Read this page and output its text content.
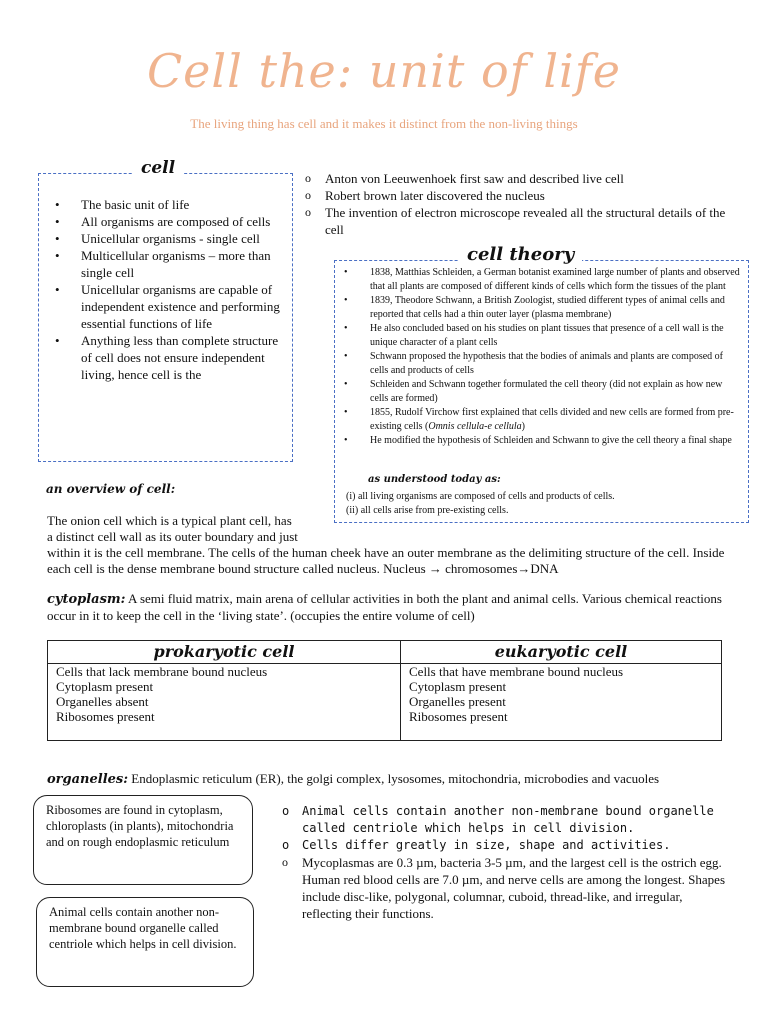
Cell the: unit of life
The living thing has cell and it makes it distinct from the non-living things
cell
• The basic unit of life
• All organisms are composed of cells
• Unicellular organisms - single cell
• Multicellular organisms – more than single cell
• Unicellular organisms are capable of independent existence and performing essential functions of life
• Anything less than complete structure of cell does not ensure independent living, hence cell is the
o Anton von Leeuwenhoek first saw and described live cell
o Robert brown later discovered the nucleus
o The invention of electron microscope revealed all the structural details of the cell
cell theory
• 1838, Matthias Schleiden, a German botanist examined large number of plants and observed that all plants are composed of different kinds of cells which form the tissues of the plant
• 1839, Theodore Schwann, a British Zoologist, studied different types of animal cells and reported that cells had a thin outer layer (plasma membrane)
• He also concluded based on his studies on plant tissues that presence of a cell wall is the unique character of a plant cells
• Schwann proposed the hypothesis that the bodies of animals and plants are composed of cells and products of cells
• Schleiden and Schwann together formulated the cell theory (did not explain as how new cells are formed)
• 1855, Rudolf Virchow first explained that cells divided and new cells are formed from pre-existing cells (Omnis cellula-e cellula)
• He modified the hypothesis of Schleiden and Schwann to give the cell theory a final shape
as understood today as:
(i) all living organisms are composed of cells and products of cells.
(ii) all cells arise from pre-existing cells.
an overview of cell:
The onion cell which is a typical plant cell, has
a distinct cell wall as its outer boundary and just
within it is the cell membrane. The cells of the human cheek have an outer membrane as the delimiting structure of the cell. Inside each cell is the dense membrane bound structure called nucleus. Nucleus → chromosomes→DNA
cytoplasm: A semi fluid matrix, main arena of cellular activities in both the plant and animal cells. Various chemical reactions occur in it to keep the cell in the ‘living state’. (occupies the entire volume of cell)
prokaryotic cell
Cells that lack membrane bound nucleus
Cytoplasm present
Organelles absent
Ribosomes present
eukaryotic cell
Cells that have membrane bound nucleus
Cytoplasm present
Organelles present
Ribosomes present
organelles: Endoplasmic reticulum (ER), the golgi complex, lysosomes, mitochondria, microbodies and vacuoles
Ribosomes are found in cytoplasm, chloroplasts (in plants), mitochondria and on rough endoplasmic reticulum
Animal cells contain another non-membrane bound organelle called centriole which helps in cell division.
o Animal cells contain another non-membrane bound organelle called centriole which helps in cell division.
o Cells differ greatly in size, shape and activities.
o Mycoplasmas are 0.3 µm, bacteria 3-5 µm, and the largest cell is the ostrich egg. Human red blood cells are 7.0 µm, and nerve cells are among the longest. Shapes include disc-like, polygonal, columnar, cuboid, thread-like, and irregular, reflecting their functions.
